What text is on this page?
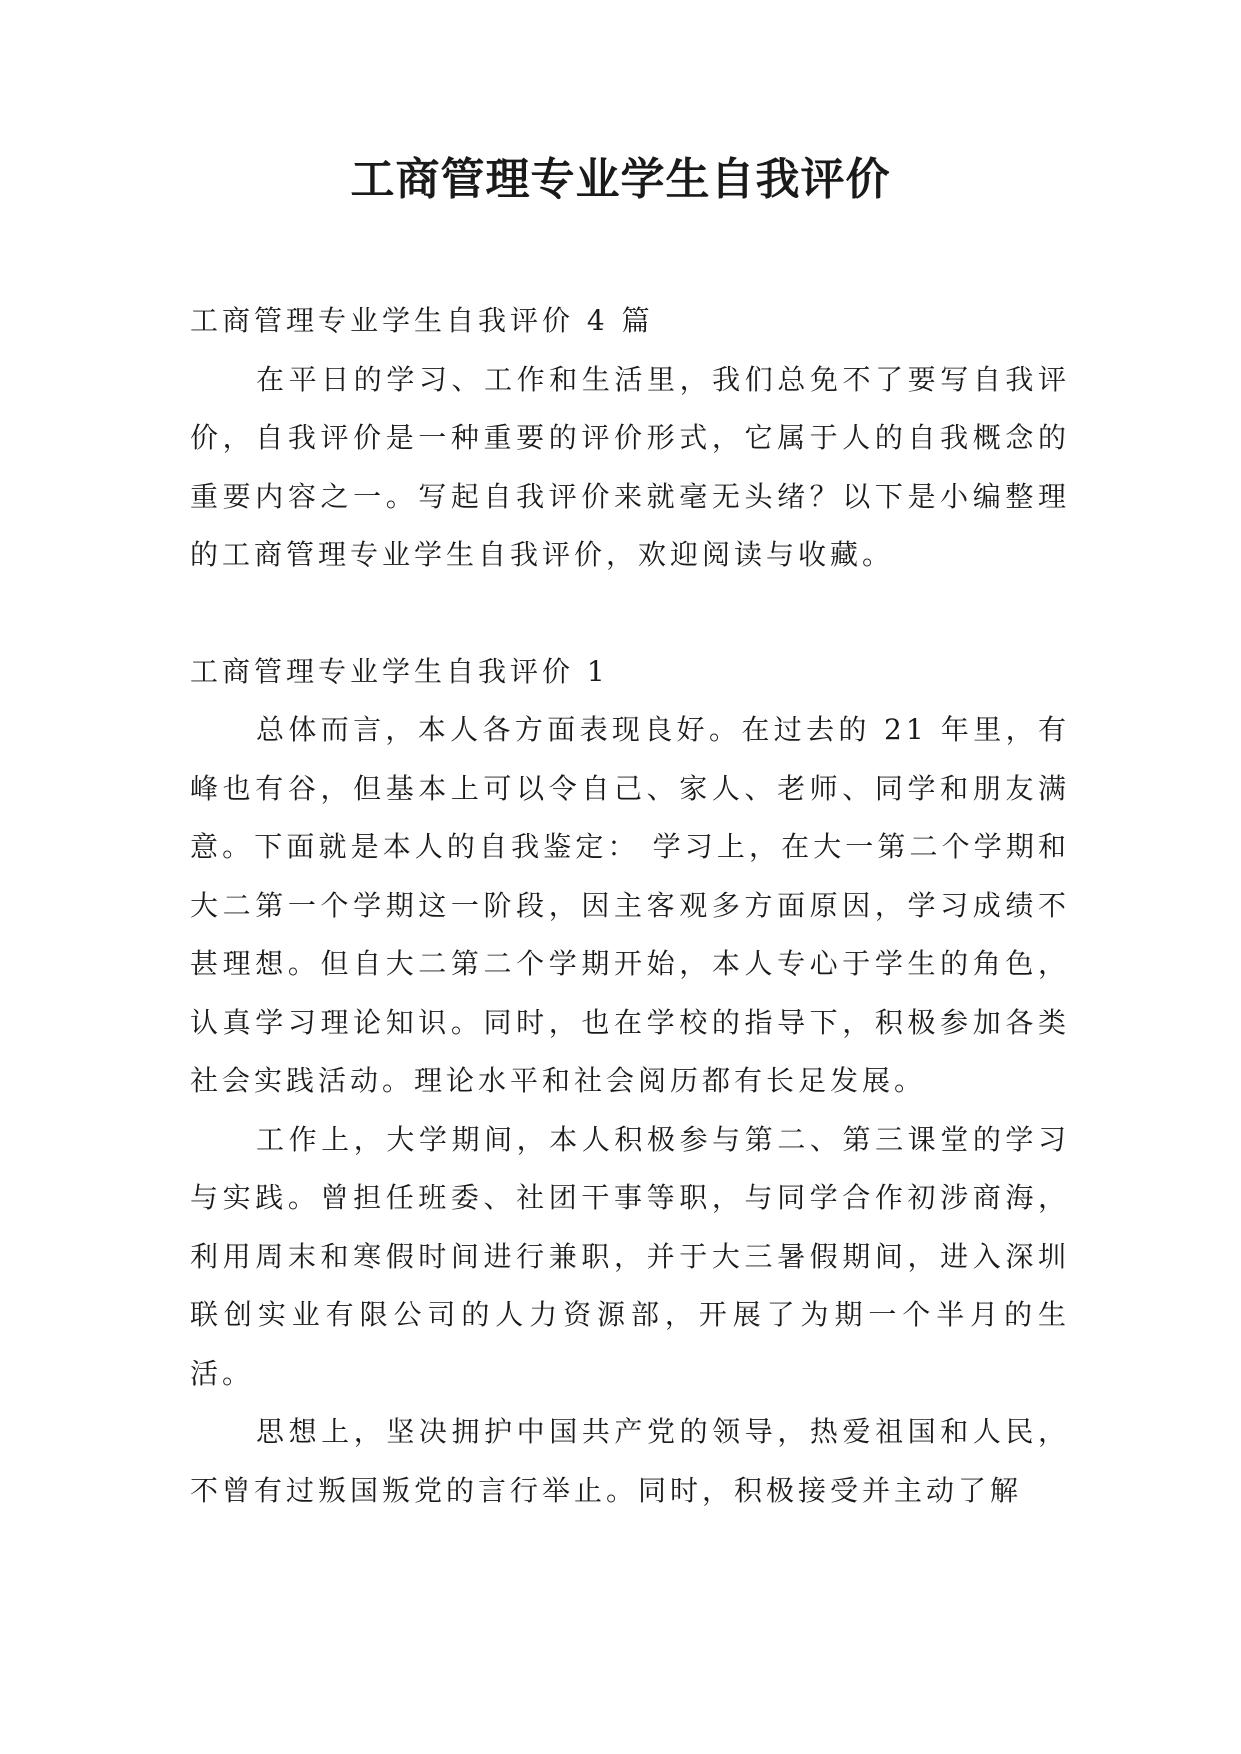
工商管理专业学生自我评价

工商管理专业学生自我评价 4 篇

在平日的学习、工作和生活里，我们总免不了要写自我评价，自我评价是一种重要的评价形式，它属于人的自我概念的重要内容之一。写起自我评价来就毫无头绪？以下是小编整理的工商管理专业学生自我评价，欢迎阅读与收藏。

工商管理专业学生自我评价 1

总体而言，本人各方面表现良好。在过去的 21 年里，有峰也有谷，但基本上可以令自己、家人、老师、同学和朋友满意。下面就是本人的自我鉴定： 学习上，在大一第二个学期和大二第一个学期这一阶段，因主客观多方面原因，学习成绩不甚理想。但自大二第二个学期开始，本人专心于学生的角色，认真学习理论知识。同时，也在学校的指导下，积极参加各类社会实践活动。理论水平和社会阅历都有长足发展。

工作上，大学期间，本人积极参与第二、第三课堂的学习与实践。曾担任班委、社团干事等职，与同学合作初涉商海，利用周末和寒假时间进行兼职，并于大三暑假期间，进入深圳联创实业有限公司的人力资源部，开展了为期一个半月的生活。

思想上，坚决拥护中国共产党的领导，热爱祖国和人民，不曾有过叛国叛党的言行举止。同时，积极接受并主动了解
